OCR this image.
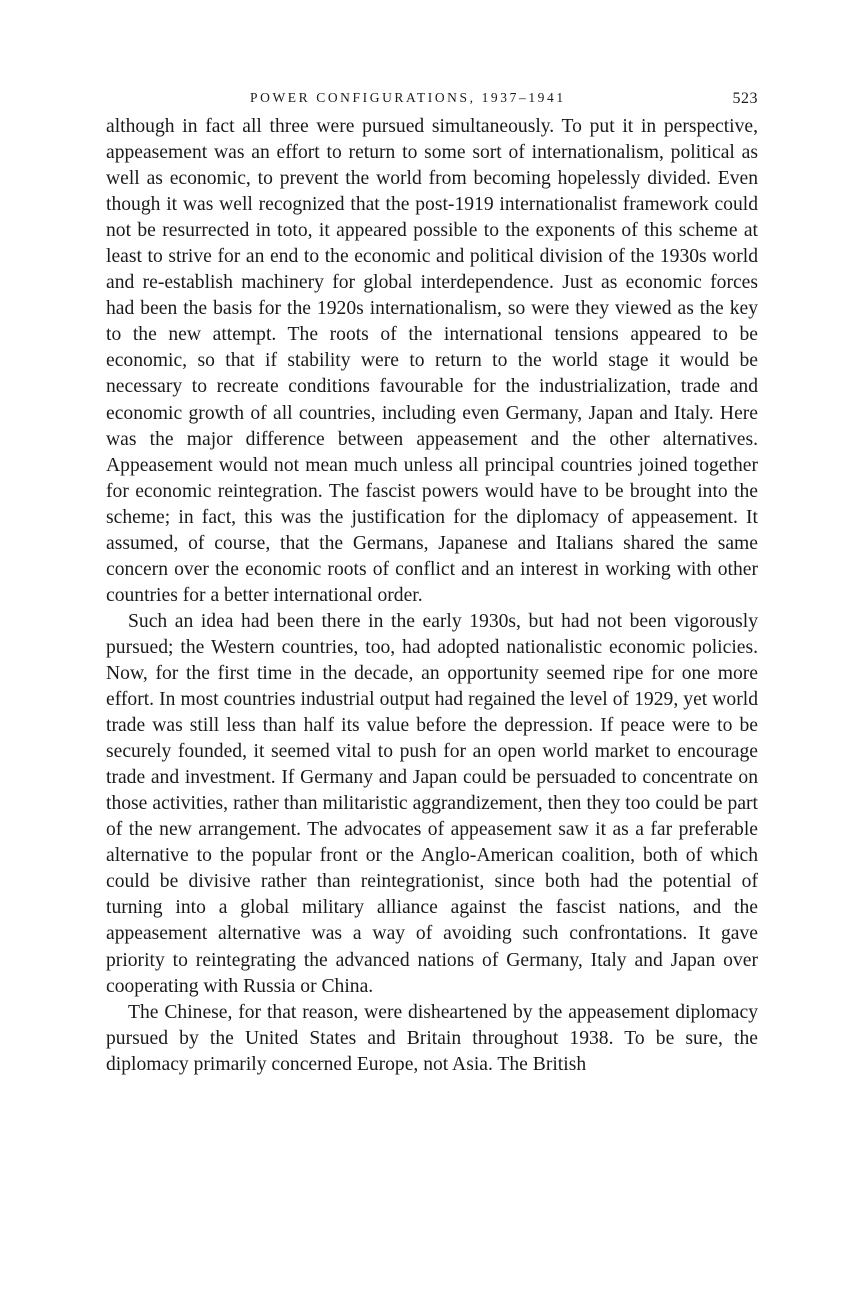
POWER CONFIGURATIONS, 1937–1941	523

although in fact all three were pursued simultaneously. To put it in perspective, appeasement was an effort to return to some sort of internationalism, political as well as economic, to prevent the world from becoming hopelessly divided. Even though it was well recognized that the post-1919 internationalist framework could not be resurrected in toto, it appeared possible to the exponents of this scheme at least to strive for an end to the economic and political division of the 1930s world and re-establish machinery for global interdependence. Just as economic forces had been the basis for the 1920s internationalism, so were they viewed as the key to the new attempt. The roots of the international tensions appeared to be economic, so that if stability were to return to the world stage it would be necessary to recreate conditions favourable for the industrialization, trade and economic growth of all countries, including even Germany, Japan and Italy. Here was the major difference between appeasement and the other alternatives. Appeasement would not mean much unless all principal countries joined together for economic reintegration. The fascist powers would have to be brought into the scheme; in fact, this was the justification for the diplomacy of appeasement. It assumed, of course, that the Germans, Japanese and Italians shared the same concern over the economic roots of conflict and an interest in working with other countries for a better international order.

Such an idea had been there in the early 1930s, but had not been vigorously pursued; the Western countries, too, had adopted nationalistic economic policies. Now, for the first time in the decade, an opportunity seemed ripe for one more effort. In most countries industrial output had regained the level of 1929, yet world trade was still less than half its value before the depression. If peace were to be securely founded, it seemed vital to push for an open world market to encourage trade and investment. If Germany and Japan could be persuaded to concentrate on those activities, rather than militaristic aggrandizement, then they too could be part of the new arrangement. The advocates of appeasement saw it as a far preferable alternative to the popular front or the Anglo-American coalition, both of which could be divisive rather than reintegrationist, since both had the potential of turning into a global military alliance against the fascist nations, and the appeasement alternative was a way of avoiding such confrontations. It gave priority to reintegrating the advanced nations of Germany, Italy and Japan over cooperating with Russia or China.

The Chinese, for that reason, were disheartened by the appeasement diplomacy pursued by the United States and Britain throughout 1938. To be sure, the diplomacy primarily concerned Europe, not Asia. The British
